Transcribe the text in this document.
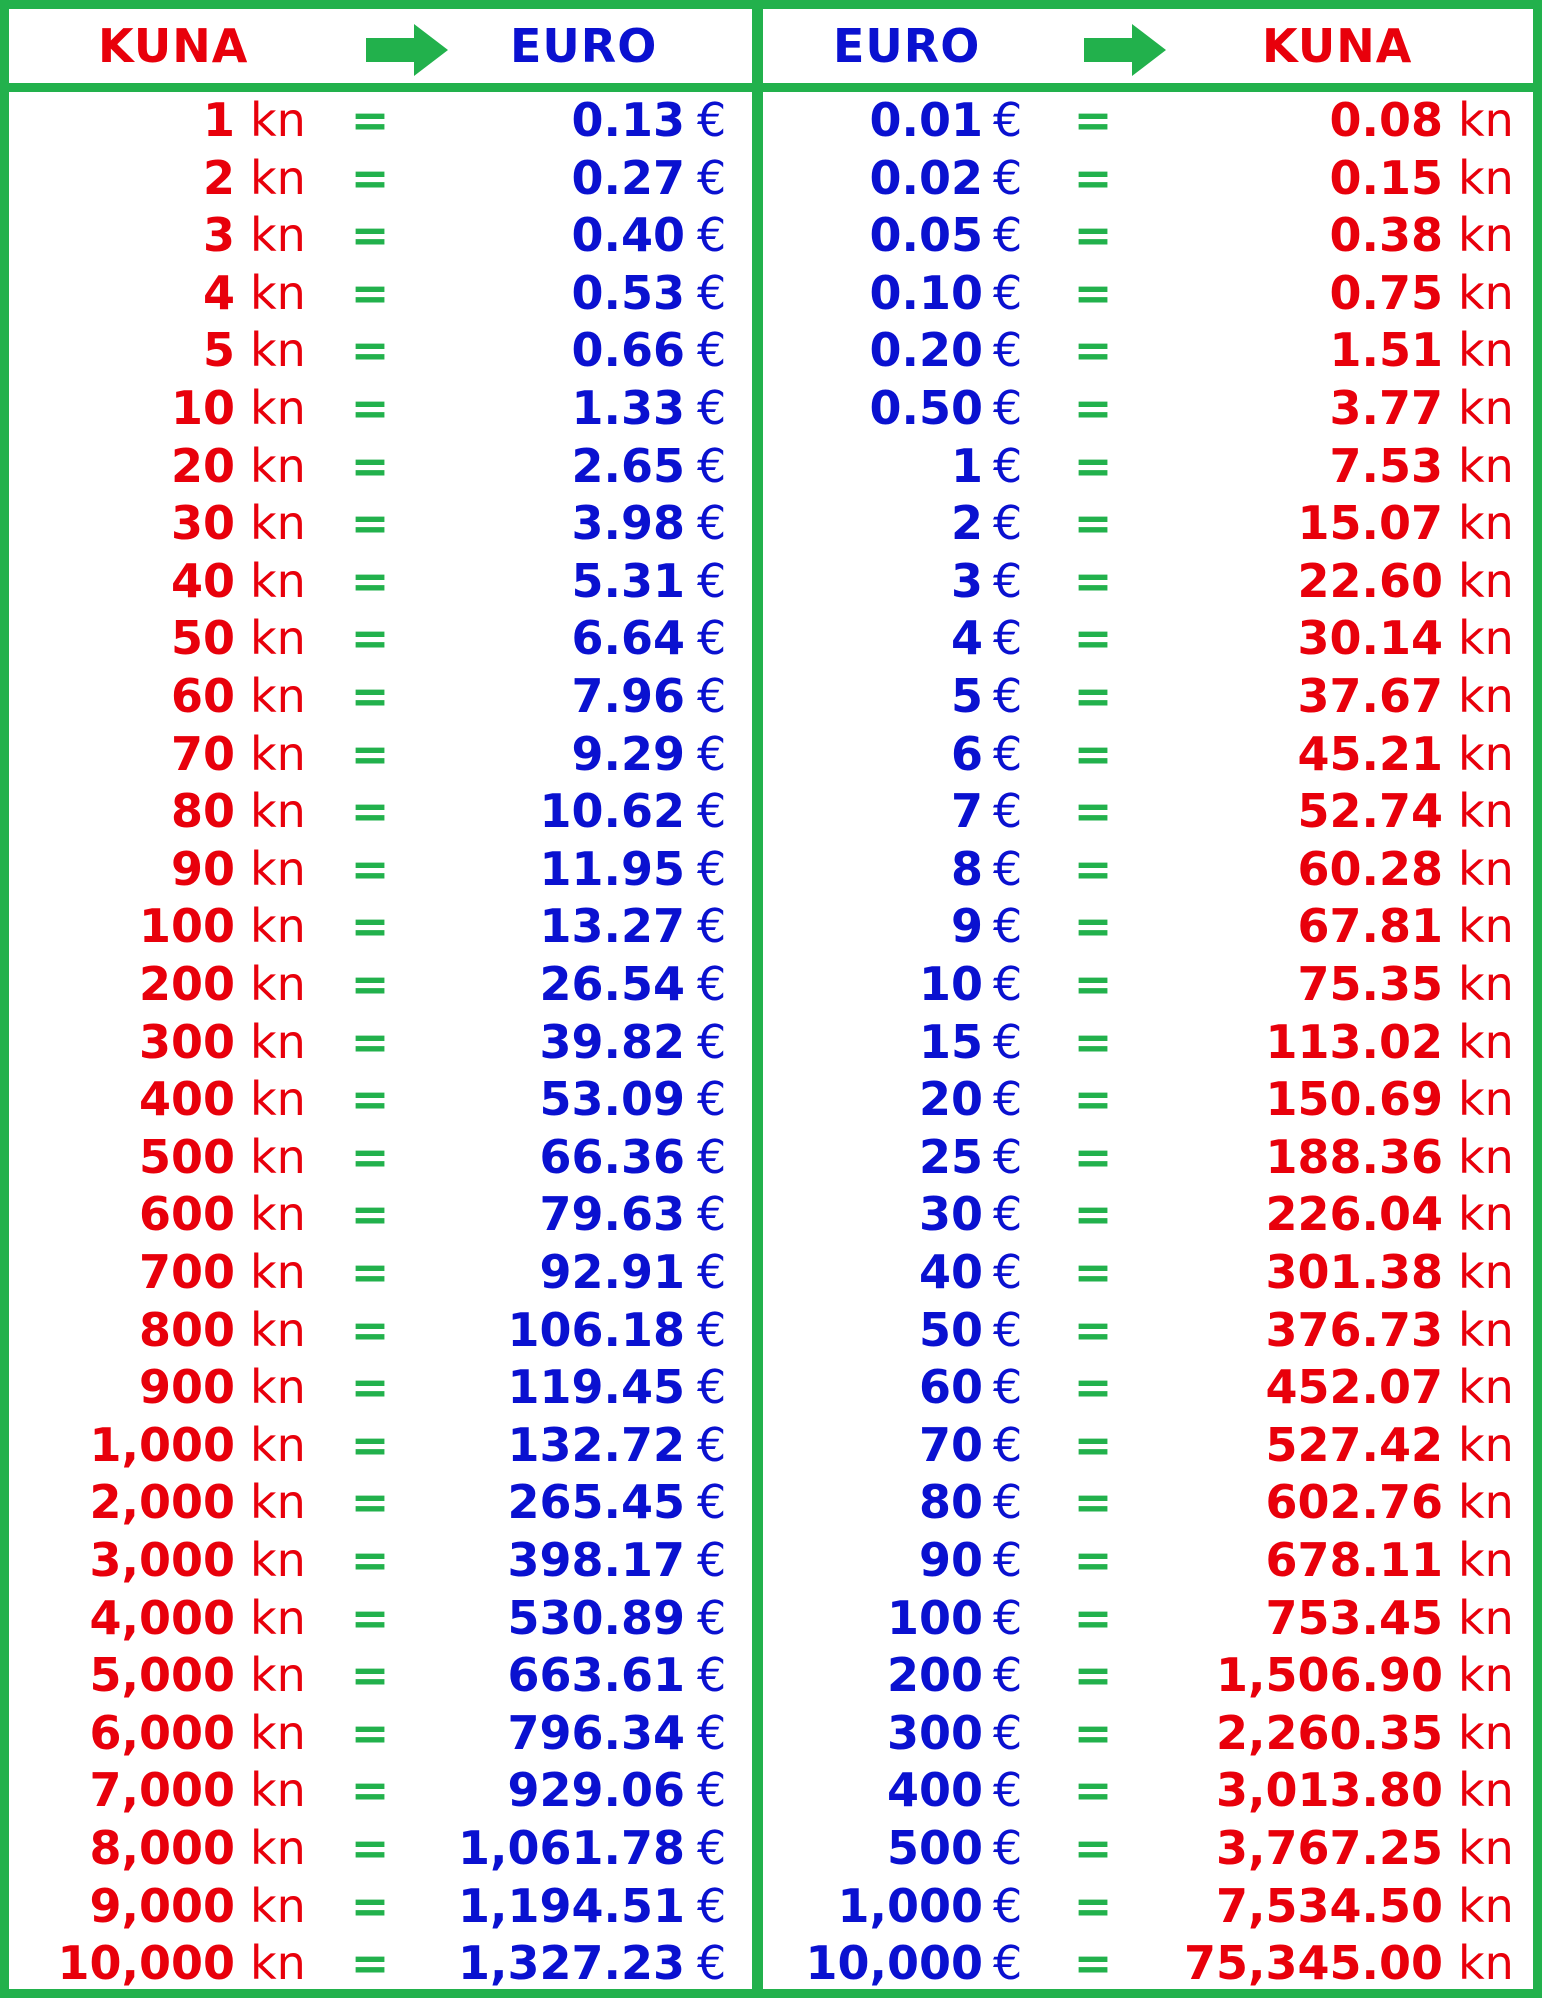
KUNA	EURO	EURO	KUNA
1 kn =	0.13 €
2 kn =	0.27 €
3 kn =	0.40 €
4 kn =	0.53 €
5 kn =	0.66 €
10 kn =	1.33 €
20 kn =	2.65 €
30 kn =	3.98 €
40 kn =	5.31 €
50 kn =	6.64 €
60 kn =	7.96 €
70 kn =	9.29 €
80 kn =	10.62 €
90 kn =	11.95 €
100 kn =	13.27 €
200 kn =	26.54 €
300 kn =	39.82 €
400 kn =	53.09 €
500 kn =	66.36 €
600 kn =	79.63 €
700 kn =	92.91 €
800 kn =	106.18 €
900 kn =	119.45 €
1,000 kn =	132.72 €
2,000 kn =	265.45 €
3,000 kn =	398.17 €
4,000 kn =	530.89 €
5,000 kn =	663.61 €
6,000 kn =	796.34 €
7,000 kn =	929.06 €
8,000 kn =	1,061.78 €
9,000 kn =	1,194.51 €
10,000 kn =	1,327.23 €
0.01 € =	0.08 kn
0.02 € =	0.15 kn
0.05 € =	0.38 kn
0.10 € =	0.75 kn
0.20 € =	1.51 kn
0.50 € =	3.77 kn
1 € =	7.53 kn
2 € =	15.07 kn
3 € =	22.60 kn
4 € =	30.14 kn
5 € =	37.67 kn
6 € =	45.21 kn
7 € =	52.74 kn
8 € =	60.28 kn
9 € =	67.81 kn
10 € =	75.35 kn
15 € =	113.02 kn
20 € =	150.69 kn
25 € =	188.36 kn
30 € =	226.04 kn
40 € =	301.38 kn
50 € =	376.73 kn
60 € =	452.07 kn
70 € =	527.42 kn
80 € =	602.76 kn
90 € =	678.11 kn
100 € =	753.45 kn
200 € =	1,506.90 kn
300 € =	2,260.35 kn
400 € =	3,013.80 kn
500 € =	3,767.25 kn
1,000 € =	7,534.50 kn
10,000 € =	75,345.00 kn
